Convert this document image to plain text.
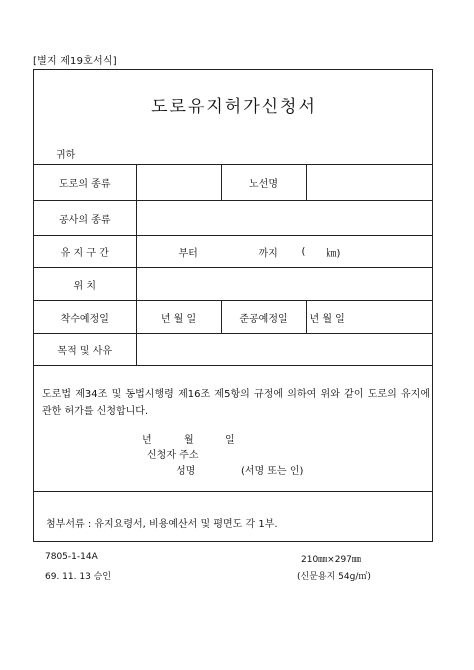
[별지 제19호서식]
도로유지허가신청서
귀하
도로의 종류		노선명	
공사의 종류			
유 지 구 간	부터 까지 ( ㎞)		

위 치			
착수예정일	년 월 일	준공예정일	년 월 일
목적 및 사유			
도로법 제34조 및 동법시행령 제16조 제5항의 규정에 의하여 위와 같이 도로의 유지에 관한 허가를 신청합니다.
년	월	일
신청자 주소
성명	(서명 또는 인)
첨부서류 : 유지요령서, 비용예산서 및 평면도 각 1부.
7805-1-14A
69. 11. 13 승인
210㎜×297㎜
(신문용지 54g/㎡)
